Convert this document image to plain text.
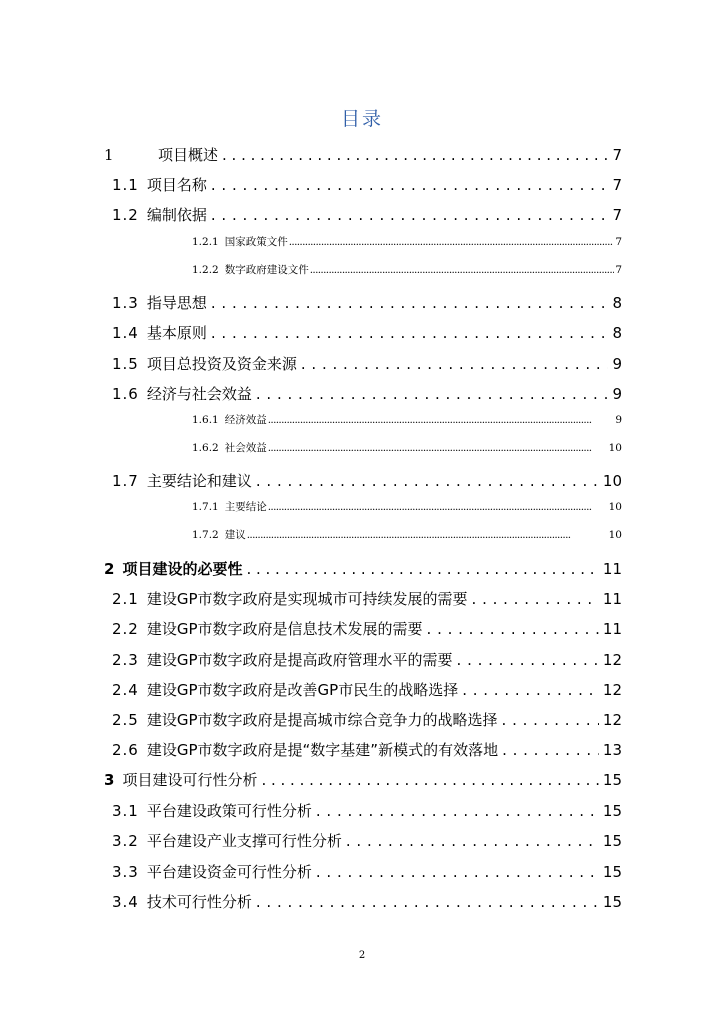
目录
1	项目概述 . . .	7
1.1 项目名称 . . .	7
1.2 编制依据 . . .	7
1.2.1 国家政策文件 . . .	7
1.2.2 数字政府建设文件 . . .	7
1.3 指导思想 . . .	8
1.4 基本原则 . . .	8
1.5 项目总投资及资金来源 . . .	9
1.6 经济与社会效益 . . .	9
1.6.1 经济效益 . . .	9
1.6.2 社会效益 . . .	10
1.7 主要结论和建议 . . .	10
1.7.1 主要结论 . . .	10
1.7.2 建议 . . .	10
2 项目建设的必要性 . . .	11
2.1 建设GP市数字政府是实现城市可持续发展的需要 . . .	11
2.2 建设GP市数字政府是信息技术发展的需要 . . .	11
2.3 建设GP市数字政府是提高政府管理水平的需要 . . .	12
2.4 建设GP市数字政府是改善GP市民生的战略选择 . . .	12
2.5 建设GP市数字政府是提高城市综合竞争力的战略选择 . . .	12
2.6 建设GP市数字政府是提“数字基建”新模式的有效落地 . . .	13
3 项目建设可行性分析 . . .	15
3.1 平台建设政策可行性分析 . . .	15
3.2 平台建设产业支撑可行性分析 . . .	15
3.3 平台建设资金可行性分析 . . .	15
3.4 技术可行性分析 . . .	15
2
